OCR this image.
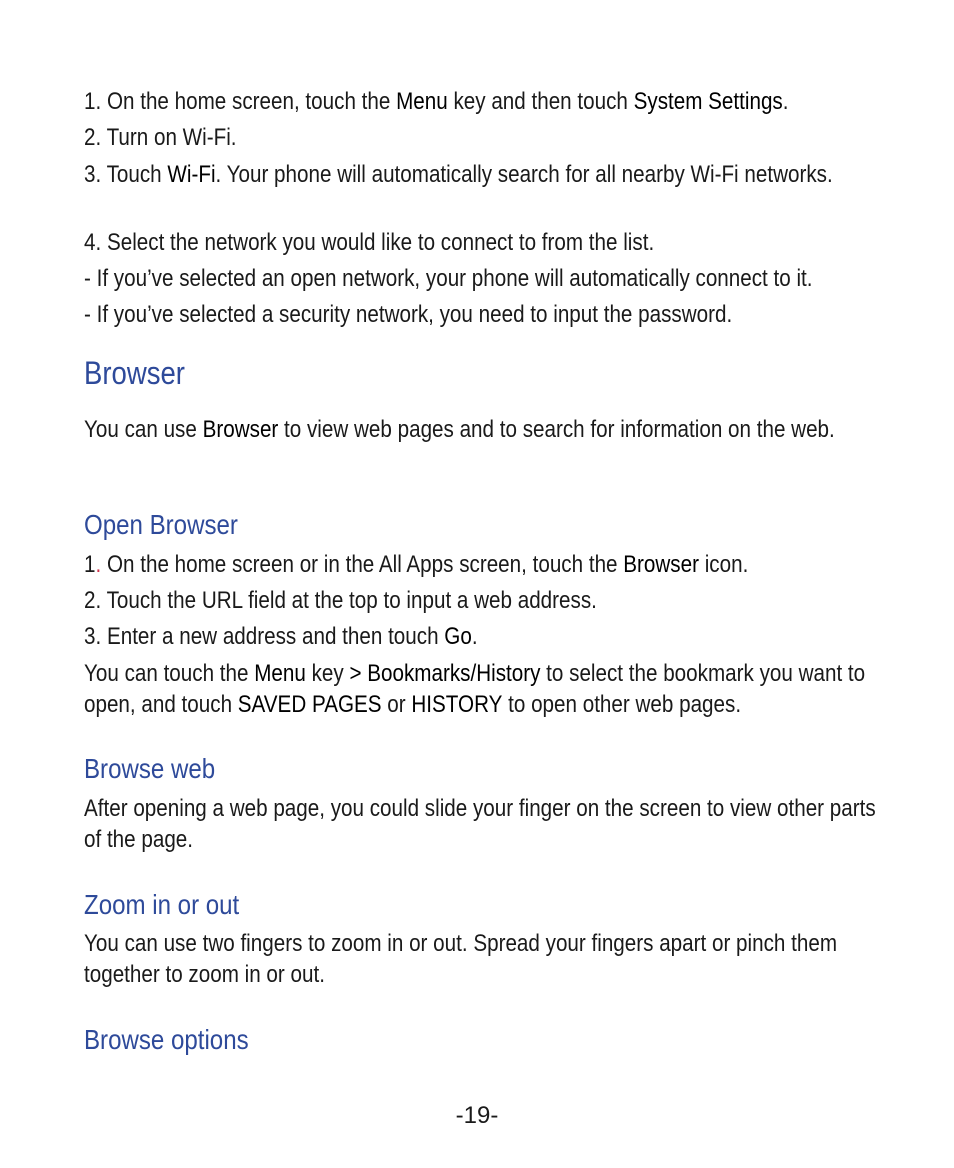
1. On the home screen, touch the Menu key and then touch System Settings.

2. Turn on Wi-Fi.

3. Touch Wi-Fi. Your phone will automatically search for all nearby Wi-Fi networks.

4. Select the network you would like to connect to from the list.

- If you’ve selected an open network, your phone will automatically connect to it.

- If you’ve selected a security network, you need to input the password.

Browser

You can use Browser to view web pages and to search for information on the web.

Open Browser

1. On the home screen or in the All Apps screen, touch the Browser icon.

2. Touch the URL field at the top to input a web address.

3. Enter a new address and then touch Go.

You can touch the Menu key > Bookmarks/History to select the bookmark you want to open, and touch SAVED PAGES or HISTORY to open other web pages.

Browse web

After opening a web page, you could slide your finger on the screen to view other parts of the page.

Zoom in or out

You can use two fingers to zoom in or out. Spread your fingers apart or pinch them together to zoom in or out.

Browse options

-19-
